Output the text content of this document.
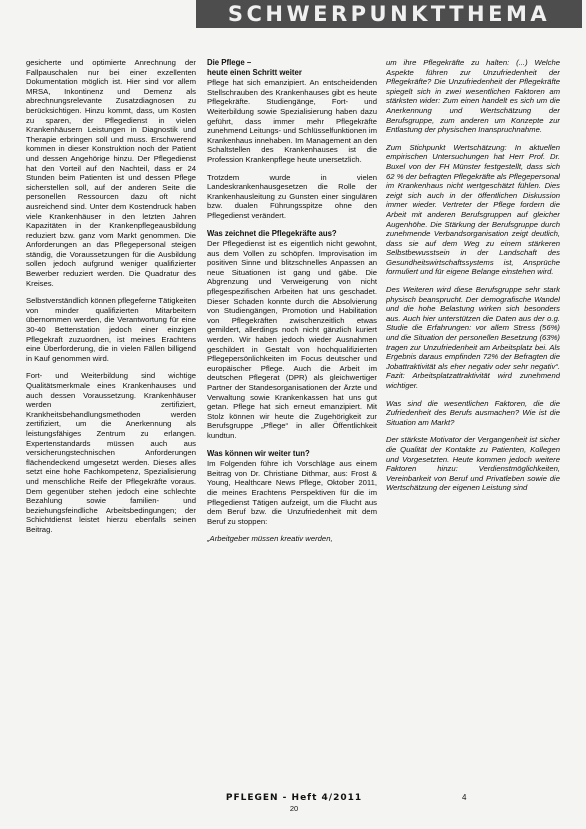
SCHWERPUNKTTHEMA

gesicherte und optimierte Anrechnung der Fallpauschalen nur bei einer exzellenten Dokumentation möglich ist. Hier sind vor allem MRSA, Inkontinenz und Demenz als abrechnungsrelevante Zusatzdiagnosen zu berücksichtigen. Hinzu kommt, dass, um Kosten zu sparen, der Pflegedienst in vielen Krankenhäusern Leistungen in Diagnostik und Therapie erbringen soll und muss. Erschwerend kommen in dieser Konstruktion noch der Patient und dessen Angehörige hinzu. Der Pflegedienst hat den Vorteil auf den Nachteil, dass er 24 Stunden beim Patienten ist und dessen Pflege sicherstellen soll, auf der anderen Seite die personellen Ressourcen dazu oft nicht ausreichend sind. Unter dem Kostendruck haben viele Krankenhäuser in den letzten Jahren Kapazitäten in der Krankenpflegeausbildung reduziert bzw. ganz vom Markt genommen. Die Anforderungen an das Pflegepersonal steigen ständig, die Voraussetzungen für die Ausbildung sollen jedoch aufgrund weniger qualifizierter Bewerber reduziert werden. Die Quadratur des Kreises.

Selbstverständlich können pflegeferne Tätigkeiten von minder qualifizierten Mitarbeitern übernommen werden, die Verantwortung für eine 30-40 Bettenstation jedoch einer einzigen Pflegekraft zuzuordnen, ist meines Erachtens eine Überforderung, die in vielen Fällen billigend in Kauf genommen wird.

Fort- und Weiterbildung sind wichtige Qualitätsmerkmale eines Krankenhauses und auch dessen Voraussetzung. Krankenhäuser werden zertifiziert, Krankheitsbehandlungsmethoden werden zertifiziert, um die Anerkennung als leistungsfähiges Zentrum zu erlangen. Expertenstandards müssen auch aus versicherungstechnischen Anforderungen flächendeckend umgesetzt werden. Dieses alles setzt eine hohe Fachkompetenz, Spezialisierung und menschliche Reife der Pflegekräfte voraus. Dem gegenüber stehen jedoch eine schlechte Bezahlung sowie familien- und beziehungsfeindliche Arbeitsbedingungen; der Schichtdienst leistet hierzu ebenfalls seinen Beitrag.

Die Pflege –
heute einen Schritt weiter

Pflege hat sich emanzipiert. An entscheidenden Stellschrauben des Krankenhauses gibt es heute Pflegekräfte. Studiengänge, Fort- und Weiterbildung sowie Spezialisierung haben dazu geführt, dass immer mehr Pflegekräfte zunehmend Leitungs- und Schlüsselfunktionen im Krankenhaus innehaben. Im Management an den Schaltstellen des Krankenhauses ist die Profession Krankenpflege heute unersetzlich.

Trotzdem wurde in vielen Landeskrankenhausgesetzen die Rolle der Krankenhausleitung zu Gunsten einer singulären bzw. dualen Führungsspitze ohne den Pflegedienst verändert.

Was zeichnet die Pflegekräfte aus?

Der Pflegedienst ist es eigentlich nicht gewohnt, aus dem Vollen zu schöpfen. Improvisation im positiven Sinne und blitzschnelles Anpassen an neue Situationen ist gang und gäbe. Die Abgrenzung und Verweigerung von nicht pflegespezifischen Arbeiten hat uns geschadet. Dieser Schaden konnte durch die Absolvierung von Studiengängen, Promotion und Habilitation von Pflegekräften zwischenzeitlich etwas gemildert, allerdings noch nicht gänzlich kuriert werden. Wir haben jedoch wieder Ausnahmen geschildert in Gestalt von hochqualifizierten Pflegepersönlichkeiten im Focus deutscher und europäischer Pflege. Auch die Arbeit im deutschen Pflegerat (DPR) als gleichwertiger Partner der Standesorganisationen der Ärzte und Verwaltung sowie Krankenkassen hat uns gut getan. Pflege hat sich erneut emanzipiert. Mit Stolz können wir heute die Zugehörigkeit zur Berufsgruppe „Pflege“ in aller Öffentlichkeit kundtun.

Was können wir weiter tun?

Im Folgenden führe ich Vorschläge aus einem Beitrag von Dr. Christiane Dithmar, aus: Frost & Young, Healthcare News Pflege, Oktober 2011, die meines Erachtens Perspektiven für die im Pflegedienst Tätigen aufzeigt, um die Flucht aus dem Beruf bzw. die Unzufriedenheit mit dem Beruf zu stoppen:

„Arbeitgeber müssen kreativ werden,

um ihre Pflegekräfte zu halten: (...) Welche Aspekte führen zur Unzufriedenheit der Pflegekräfte? Die Unzufriedenheit der Pflegekräfte spiegelt sich in zwei wesentlichen Faktoren am stärksten wider: Zum einen handelt es sich um die Anerkennung und Wertschätzung der Berufsgruppe, zum anderen um Konzepte zur Entlastung der physischen Inanspruchnahme.

Zum Stichpunkt Wertschätzung: In aktuellen empirischen Untersuchungen hat Herr Prof. Dr. Buxel von der FH Münster festgestellt, dass sich 62 % der befragten Pflegekräfte als Pflegepersonal im Krankenhaus nicht wertgeschätzt fühlen. Dies zeigt sich auch in der öffentlichen Diskussion immer wieder. Vertreter der Pflege fordern die Arbeit mit anderen Berufsgruppen auf gleicher Augenhöhe. Die Stärkung der Berufsgruppe durch zunehmende Verbandsorganisation zeigt deutlich, dass sie auf dem Weg zu einem stärkeren Selbstbewusstsein in der Landschaft des Gesundheitswirtschaftssystems ist, Ansprüche formuliert und für eigene Belange einstehen wird.

Des Weiteren wird diese Berufsgruppe sehr stark physisch beansprucht. Der demografische Wandel und die hohe Belastung wirken sich besonders aus. Auch hier unterstützen die Daten aus der o.g. Studie die Erfahrungen: vor allem Stress (56%) und die Situation der personellen Besetzung (63%) tragen zur Unzufriedenheit am Arbeitsplatz bei. Als Ergebnis daraus empfinden 72% der Befragten die Jobattraktivität als eher negativ oder sehr negativ“. Fazit: Arbeitsplatzattraktivität wird zunehmend wichtiger.

Was sind die wesentlichen Faktoren, die die Zufriedenheit des Berufs ausmachen? Wie ist die Situation am Markt?

Der stärkste Motivator der Vergangenheit ist sicher die Qualität der Kontakte zu Patienten, Kollegen und Vorgesetzten. Heute kommen jedoch weitere Faktoren hinzu: Verdienstmöglichkeiten, Vereinbarkeit von Beruf und Privatleben sowie die Wertschätzung der eigenen Leistung sind

PFLEGEN - Heft 4/2011
20
4
